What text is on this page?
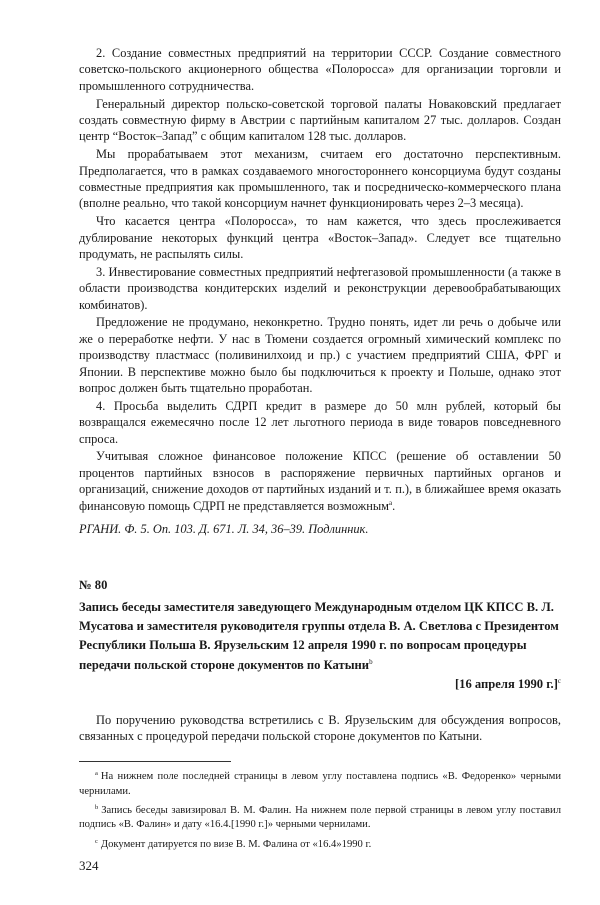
2. Создание совместных предприятий на территории СССР. Создание совместного советско-польского акционерного общества «Полоросса» для организации торговли и промышленного сотрудничества.

Генеральный директор польско-советской торговой палаты Новаковский предлагает создать совместную фирму в Австрии с партийным капиталом 27 тыс. долларов. Создан центр “Восток–Запад” с общим капиталом 128 тыс. долларов.

Мы прорабатываем этот механизм, считаем его достаточно перспективным. Предполагается, что в рамках создаваемого многостороннего консорциума будут созданы совместные предприятия как промышленного, так и посредническо-коммерческого плана (вполне реально, что такой консорциум начнет функционировать через 2–3 месяца).

Что касается центра «Полоросса», то нам кажется, что здесь прослеживается дублирование некоторых функций центра «Восток–Запад». Следует все тщательно продумать, не распылять силы.

3. Инвестирование совместных предприятий нефтегазовой промышленности (а также в области производства кондитерских изделий и реконструкции деревообрабатывающих комбинатов).

Предложение не продумано, неконкретно. Трудно понять, идет ли речь о добыче или же о переработке нефти. У нас в Тюмени создается огромный химический комплекс по производству пластмасс (поливинилхоид и пр.) с участием предприятий США, ФРГ и Японии. В перспективе можно было бы подключиться к проекту и Польше, однако этот вопрос должен быть тщательно проработан.

4. Просьба выделить СДРП кредит в размере до 50 млн рублей, который бы возвращался ежемесячно после 12 лет льготного периода в виде товаров повседневного спроса.

Учитывая сложное финансовое положение КПСС (решение об оставлении 50 процентов партийных взносов в распоряжение первичных партийных органов и организаций, снижение доходов от партийных изданий и т. п.), в ближайшее время оказать финансовую помощь СДРП не представляется возможным$^a$.

РГАНИ. Ф. 5. Оп. 103. Д. 671. Л. 34, 36–39. Подлинник.

№ 80

Запись беседы заместителя заведующего Международным отделом ЦК КПСС В. Л. Мусатова и заместителя руководителя группы отдела В. А. Светлова с Президентом Республики Польша В. Ярузельским 12 апреля 1990 г. по вопросам процедуры передачи польской стороне документов по Катыни$^b$

[16 апреля 1990 г.]$^c$

По поручению руководства встретились с В. Ярузельским для обсуждения вопросов, связанных с процедурой передачи польской стороне документов по Катыни.

$^a$ На нижнем поле последней страницы в левом углу поставлена подпись «В. Федоренко» черными чернилами.

$^b$ Запись беседы завизировал В. М. Фалин. На нижнем поле первой страницы в левом углу поставил подпись «В. Фалин» и дату «16.4.[1990 г.]» черными чернилами.

$^c$ Документ датируется по визе В. М. Фалина от «16.4»1990 г.

324
